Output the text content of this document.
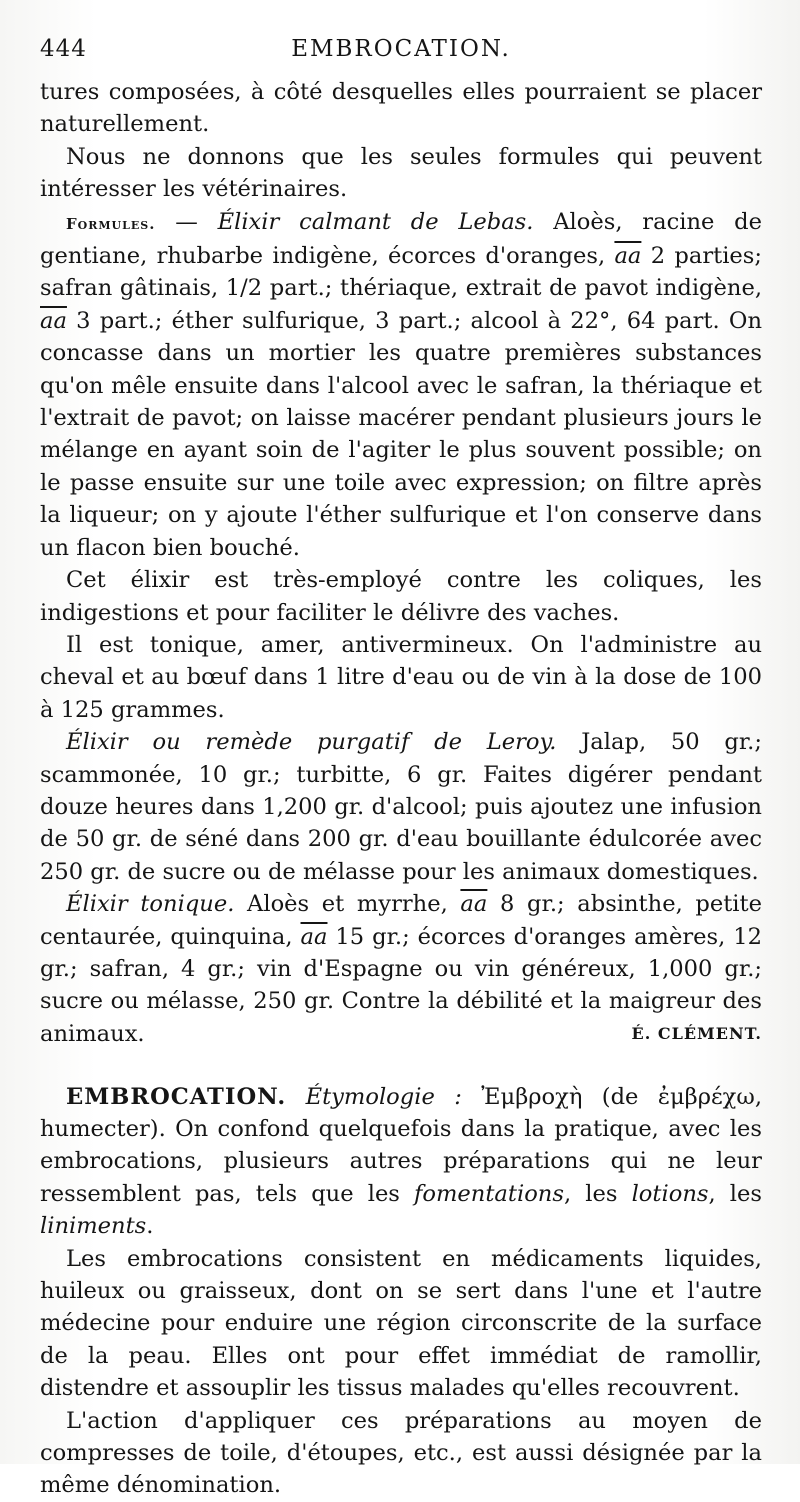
444	EMBROCATION.

tures composées, à côté desquelles elles pourraient se placer naturellement.

Nous ne donnons que les seules formules qui peuvent intéresser les vétérinaires.

Formules. — Élixir calmant de Lebas. Aloès, racine de gentiane, rhubarbe indigène, écorces d'oranges, $\overline{aa}$ 2 parties; safran gâtinais, 1/2 part.; thériaque, extrait de pavot indigène, $\overline{aa}$ 3 part.; éther sulfurique, 3 part.; alcool à 22°, 64 part. On concasse dans un mortier les quatre premières substances qu'on mêle ensuite dans l'alcool avec le safran, la thériaque et l'extrait de pavot; on laisse macérer pendant plusieurs jours le mélange en ayant soin de l'agiter le plus souvent possible; on le passe ensuite sur une toile avec expression; on filtre après la liqueur; on y ajoute l'éther sulfurique et l'on conserve dans un flacon bien bouché.

Cet élixir est très-employé contre les coliques, les indigestions et pour faciliter le délivre des vaches.

Il est tonique, amer, antivermineux. On l'administre au cheval et au bœuf dans 1 litre d'eau ou de vin à la dose de 100 à 125 grammes.

Élixir ou remède purgatif de Leroy. Jalap, 50 gr.; scammonée, 10 gr.; turbitte, 6 gr. Faites digérer pendant douze heures dans 1,200 gr. d'alcool; puis ajoutez une infusion de 50 gr. de séné dans 200 gr. d'eau bouillante édulcorée avec 250 gr. de sucre ou de mélasse pour les animaux domestiques.

Élixir tonique. Aloès et myrrhe, $\overline{aa}$ 8 gr.; absinthe, petite centaurée, quinquina, $\overline{aa}$ 15 gr.; écorces d'oranges amères, 12 gr.; safran, 4 gr.; vin d'Espagne ou vin généreux, 1,000 gr.; sucre ou mélasse, 250 gr. Contre la débilité et la maigreur des animaux.	É. CLÉMENT.

EMBROCATION. Étymologie : Ἐμβροχὴ (de ἐμβρέχω, humecter). On confond quelquefois dans la pratique, avec les embrocations, plusieurs autres préparations qui ne leur ressemblent pas, tels que les fomentations, les lotions, les liniments.

Les embrocations consistent en médicaments liquides, huileux ou graisseux, dont on se sert dans l'une et l'autre médecine pour enduire une région circonscrite de la surface de la peau. Elles ont pour effet immédiat de ramollir, distendre et assouplir les tissus malades qu'elles recouvrent.

L'action d'appliquer ces préparations au moyen de compresses de toile, d'étoupes, etc., est aussi désignée par la même dénomination.
